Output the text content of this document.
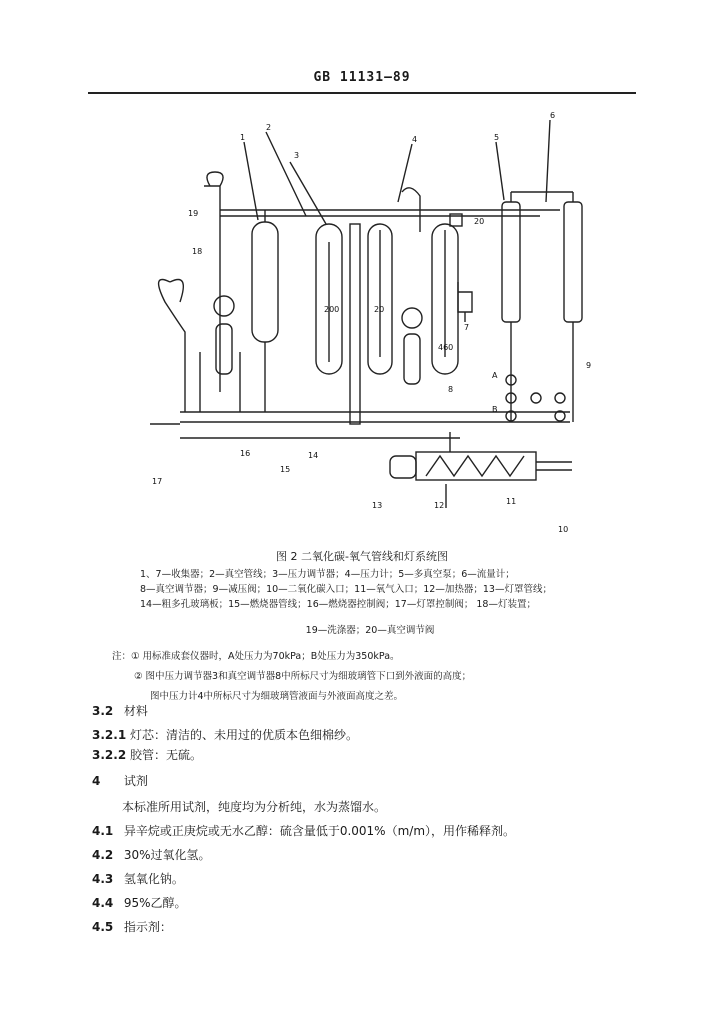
GB 11131—89
200	20
460
1
2
3
4	5
6
7
8
9
10
11
12
13
14
15
16
17
18
19
20
A
B
图 2 二氧化碳-氧气管线和灯系统图
1、7—收集器；2—真空管线；3—压力调节器；4—压力计；5—多真空泵；6—流量计；
8—真空调节器；9—减压阀；10—二氧化碳入口；11—氧气入口；12—加热器；13—灯罩管线；
14—粗多孔玻璃板；15—燃烧器管线；16—燃烧器控制阀；17—灯罩控制阀； 18—灯装置；
19—洗涤器；20—真空调节阀
注：① 用标准成套仪器时，A处压力为70kPa；B处压力为350kPa。
② 图中压力调节器3和真空调节器8中所标尺寸为细玻璃管下口到外液面的高度；
图中压力计4中所标尺寸为细玻璃管液面与外液面高度之差。
3.2 材料
3.2.1 灯芯：清洁的、未用过的优质本色细棉纱。
3.2.2 胶管：无硫。
4 试剂
本标准所用试剂，纯度均为分析纯，水为蒸馏水。
4.1 异辛烷或正庚烷或无水乙醇：硫含量低于0.001%（m/m），用作稀释剂。
4.2 30%过氧化氢。
4.3 氢氧化钠。
4.4 95%乙醇。
4.5 指示剂：
